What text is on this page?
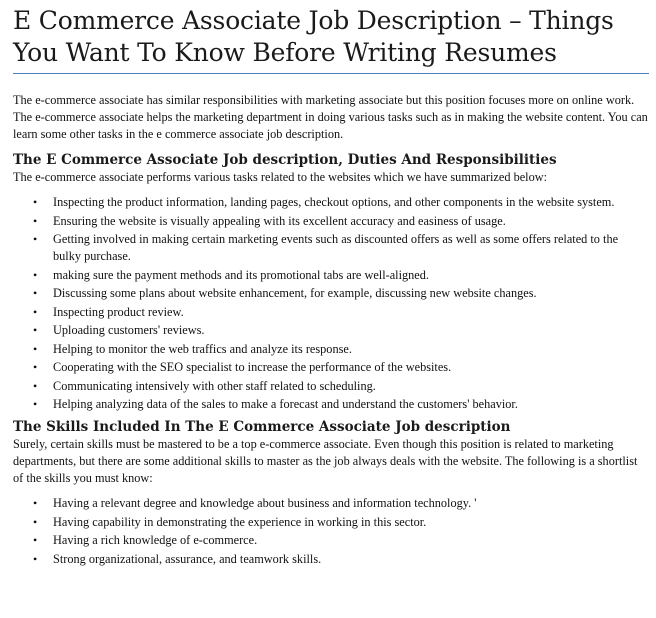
E Commerce Associate Job Description – Things You Want To Know Before Writing Resumes

The e-commerce associate has similar responsibilities with marketing associate but this position focuses more on online work. The e-commerce associate helps the marketing department in doing various tasks such as in making the website content. You can learn some other tasks in the e commerce associate job description.

The E Commerce Associate Job description, Duties And Responsibilities

The e-commerce associate performs various tasks related to the websites which we have summarized below:

• Inspecting the product information, landing pages, checkout options, and other components in the website system.
• Ensuring the website is visually appealing with its excellent accuracy and easiness of usage.
• Getting involved in making certain marketing events such as discounted offers as well as some offers related to the bulky purchase.
• making sure the payment methods and its promotional tabs are well-aligned.
• Discussing some plans about website enhancement, for example, discussing new website changes.
• Inspecting product review.
• Uploading customers' reviews.
• Helping to monitor the web traffics and analyze its response.
• Cooperating with the SEO specialist to increase the performance of the websites.
• Communicating intensively with other staff related to scheduling.
• Helping analyzing data of the sales to make a forecast and understand the customers' behavior.
The Skills Included In The E Commerce Associate Job description

Surely, certain skills must be mastered to be a top e-commerce associate. Even though this position is related to marketing departments, but there are some additional skills to master as the job always deals with the website. The following is a shortlist of the skills you must know:

• Having a relevant degree and knowledge about business and information technology. '
• Having capability in demonstrating the experience in working in this sector.
• Having a rich knowledge of e-commerce.
• Strong organizational, assurance, and teamwork skills.
